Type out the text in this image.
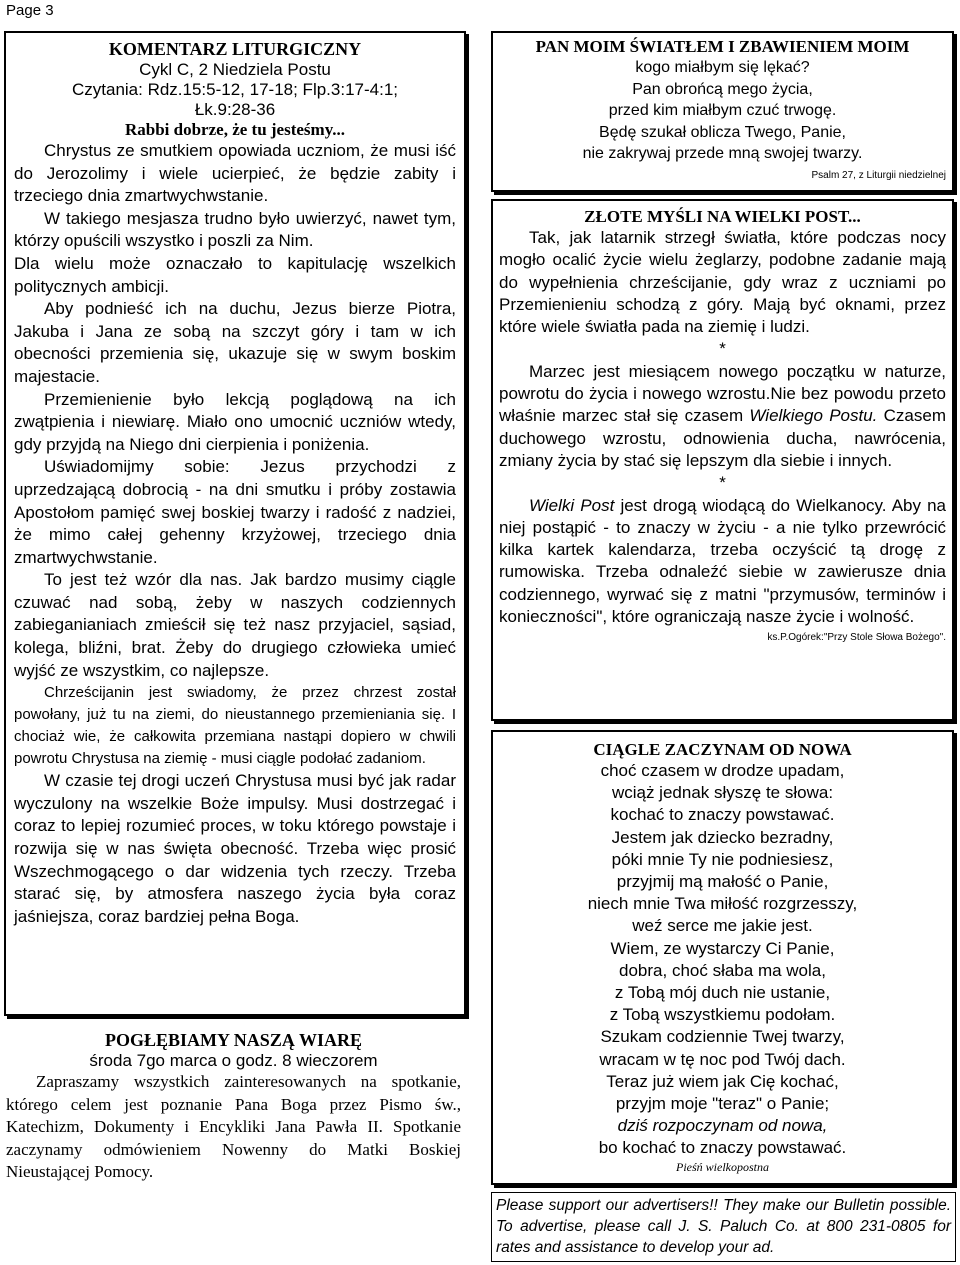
Page 3
KOMENTARZ LITURGICZNY
Cykl C, 2 Niedziela Postu
Czytania: Rdz.15:5-12, 17-18; Flp.3:17-4:1;
Łk.9:28-36
Rabbi dobrze, że tu jesteśmy...

Chrystus ze smutkiem opowiada uczniom, że musi iść do Jerozolimy i wiele ucierpieć, że będzie zabity i trzeciego dnia zmartwychwstanie.

W takiego mesjasza trudno było uwierzyć, nawet tym, którzy opuścili wszystko i poszli za Nim.

Dla wielu może oznaczało to kapitulację wszelkich politycznych ambicji.

Aby podnieść ich na duchu, Jezus bierze Piotra, Jakuba i Jana ze sobą na szczyt góry i tam w ich obecności przemienia się, ukazuje się w swym boskim majestacie.

Przemienienie było lekcją poglądową na ich zwątpienia i niewiarę. Miało ono umocnić uczniów wtedy, gdy przyjdą na Niego dni cierpienia i poniżenia.

Uświadomijmy sobie: Jezus przychodzi z uprzedzającą dobrocią - na dni smutku i próby zostawia Apostołom pamięć swej boskiej twarzy i radość z nadziei, że mimo całej gehenny krzyżowej, trzeciego dnia zmartwychwstanie.

To jest też wzór dla nas. Jak bardzo musimy ciągle czuwać nad sobą, żeby w naszych codziennych zabieganianiach zmieścił się też nasz przyjaciel, sąsiad, kolega, bliźni, brat. Żeby do drugiego człowieka umieć wyjść ze wszystkim, co najlepsze.

Chrześcijanin jest swiadomy, że przez chrzest został powołany, już tu na ziemi, do nieustannego przemieniania się. I chociaż wie, że całkowita przemiana nastąpi dopiero w chwili powrotu Chrystusa na ziemię - musi ciągle podołać zadaniom.

W czasie tej drogi uczeń Chrystusa musi być jak radar wyczulony na wszelkie Boże impulsy. Musi dostrzegać i coraz to lepiej rozumieć proces, w toku którego powstaje i rozwija się w nas święta obecność. Trzeba więc prosić Wszechmogącego o dar widzenia tych rzeczy. Trzeba starać się, by atmosfera naszego życia była coraz jaśniejsza, coraz bardziej pełna Boga.

POGŁĘBIAMY NASZĄ WIARĘ
środa 7go marca o godz. 8 wieczorem

Zapraszamy wszystkich zainteresowanych na spotkanie, którego celem jest poznanie Pana Boga przez Pismo św., Katechizm, Dokumenty i Encykliki Jana Pawła II. Spotkanie zaczynamy odmówieniem Nowenny do Matki Boskiej Nieustającej Pomocy.

PAN MOIM ŚWIATŁEM I ZBAWIENIEM MOIM
kogo miałbym się lękać?
Pan obrońcą mego życia,
przed kim miałbym czuć trwogę.
Będę szukał oblicza Twego, Panie,
nie zakrywaj przede mną swojej twarzy.
Psalm 27, z Liturgii niedzielnej
ZŁOTE MYŚLI NA WIELKI POST...

Tak, jak latarnik strzegł światła, które podczas nocy mogło ocalić życie wielu żeglarzy, podobne zadanie mają do wypełnienia chrześcijanie, gdy wraz z uczniami po Przemienieniu schodzą z góry. Mają być oknami, przez które wiele światła pada na ziemię i ludzi.

*

Marzec jest miesiącem nowego początku w naturze, powrotu do życia i nowego wzrostu.Nie bez powodu przeto właśnie marzec stał się czasem Wielkiego Postu. Czasem duchowego wzrostu, odnowienia ducha, nawrócenia, zmiany życia by stać się lepszym dla siebie i innych.

*

Wielki Post jest drogą wiodącą do Wielkanocy. Aby na niej postąpić - to znaczy w życiu - a nie tylko przewrócić kilka kartek kalendarza, trzeba oczyścić tą drogę z rumowiska. Trzeba odnaleźć siebie w zawierusze dnia codziennego, wyrwać się z matni "przymusów, terminów i konieczności", które ograniczają nasze życie i wolność.

ks.P.Ogórek:"Przy Stole Słowa Bożego".
CIĄGLE ZACZYNAM OD NOWA
choć czasem w drodze upadam,
wciąż jednak słyszę te słowa:
kochać to znaczy powstawać.
Jestem jak dziecko bezradny,
póki mnie Ty nie podniesiesz,
przyjmij mą małość o Panie,
niech mnie Twa miłość rozgrzesszy,
weź serce me jakie jest.
Wiem, ze wystarczy Ci Panie,
dobra, choć słaba ma wola,
z Tobą mój duch nie ustanie,
z Tobą wszystkiemu podołam.
Szukam codziennie Twej twarzy,
wracam w tę noc pod Twój dach.
Teraz już wiem jak Cię kochać,
przyjm moje "teraz" o Panie;
dziś rozpoczynam od nowa,
bo kochać to znaczy powstawać.
Pieśń wielkopostna

Please support our advertisers!! They make our Bulletin possible. To advertise, please call J. S. Paluch Co. at 800 231-0805 for rates and assistance to develop your ad.
